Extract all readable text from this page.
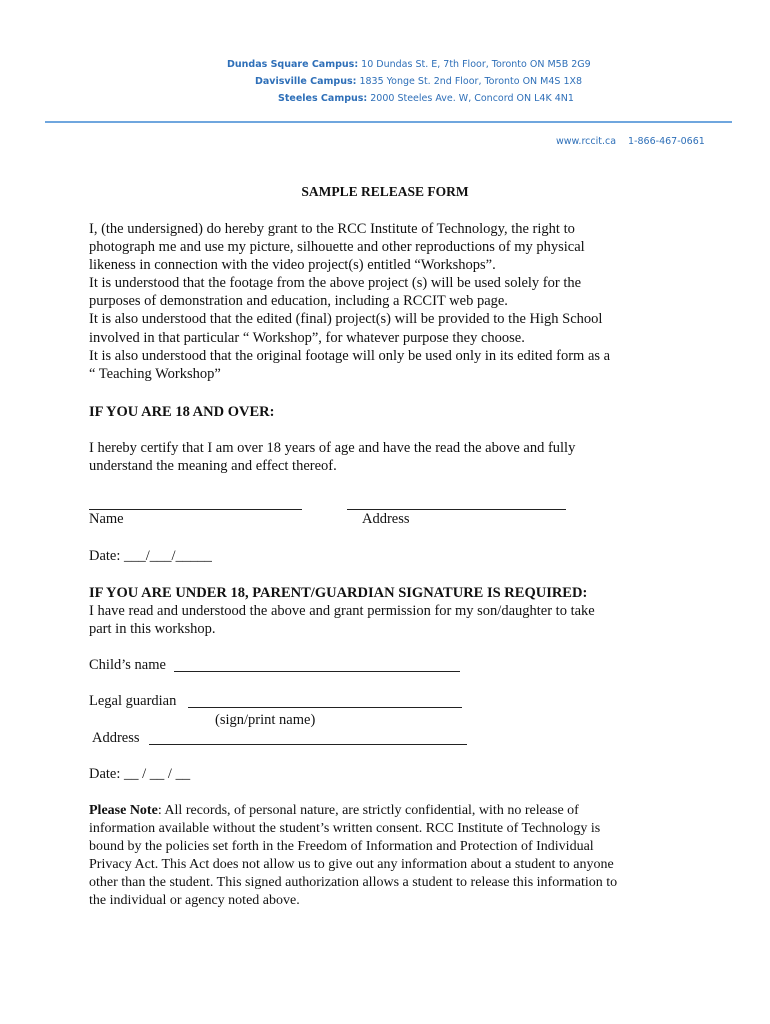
Dundas Square Campus: 10 Dundas St. E, 7th Floor, Toronto ON M5B 2G9
Davisville Campus: 1835 Yonge St. 2nd Floor, Toronto ON M4S 1X8
Steeles Campus: 2000 Steeles Ave. W, Concord ON L4K 4N1
www.rccit.ca 1-866-467-0661
SAMPLE RELEASE FORM
I, (the undersigned) do hereby grant to the RCC Institute of Technology, the right to
photograph me and use my picture, silhouette and other reproductions of my physical
likeness in connection with the video project(s) entitled “Workshops”.
It is understood that the footage from the above project (s) will be used solely for the
purposes of demonstration and education, including a RCCIT web page.
It is also understood that the edited (final) project(s) will be provided to the High School
involved in that particular “ Workshop”, for whatever purpose they choose.
It is also understood that the original footage will only be used only in its edited form as a
“ Teaching Workshop”
IF YOU ARE 18 AND OVER:
I hereby certify that I am over 18 years of age and have the read the above and fully
understand the meaning and effect thereof.
Name	Address
Date: ___/___/_____
IF YOU ARE UNDER 18, PARENT/GUARDIAN SIGNATURE IS REQUIRED:
I have read and understood the above and grant permission for my son/daughter to take
part in this workshop.
Child’s name
Legal guardian
(sign/print name)
Address
Date: __ / __ / __
Please Note: All records, of personal nature, are strictly confidential, with no release of
information available without the student’s written consent. RCC Institute of Technology is
bound by the policies set forth in the Freedom of Information and Protection of Individual
Privacy Act. This Act does not allow us to give out any information about a student to anyone
other than the student. This signed authorization allows a student to release this information to
the individual or agency noted above.
